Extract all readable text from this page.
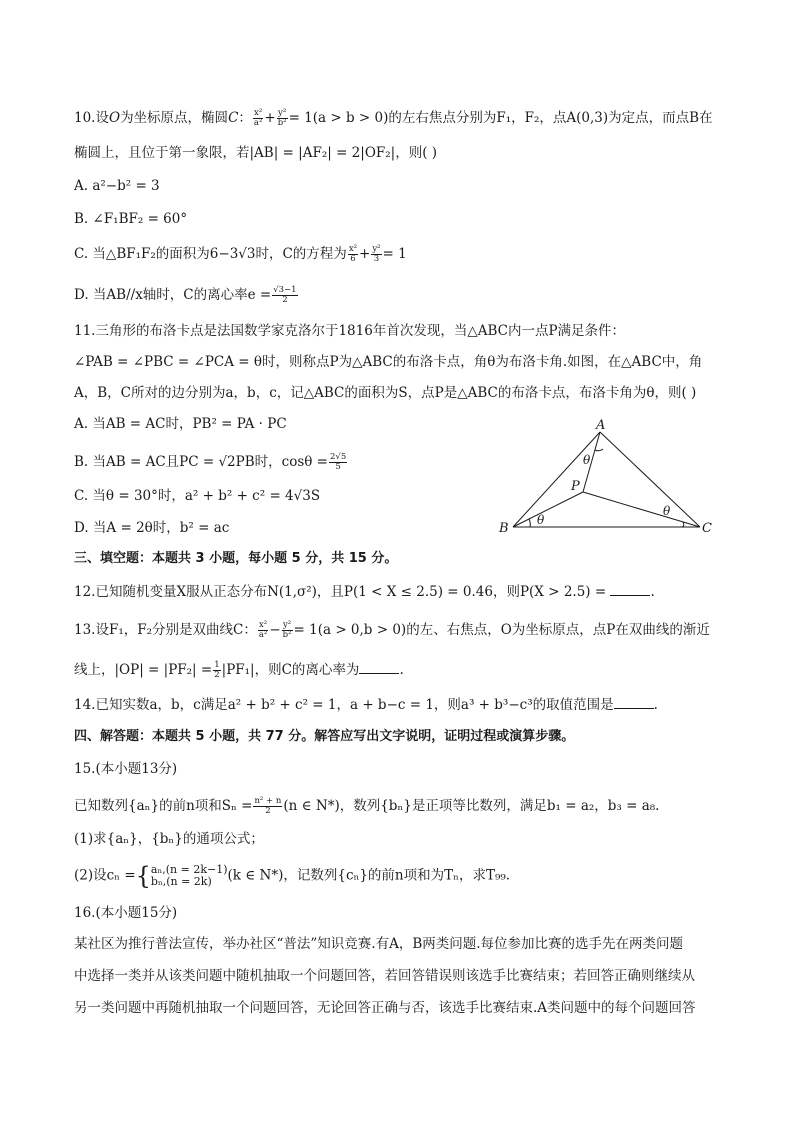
10.设O为坐标原点，椭圆C： $\frac{\text{x²}}{\text{a²}} + \frac{\text{y²}}{\text{b²}} = 1(a > b > 0)$的左右焦点分别为F₁，F₂，点A(0,3)为定点，而点B在
椭圆上，且位于第一象限，若|AB| = |AF₂| = 2|OF₂|，则( )
A. a²−b² = 3
B. ∠F₁BF₂ = 60°
C. 当△BF₁F₂的面积为6−3√3时，C的方程为 $\frac{\text{x²}}{6} + \frac{\text{y²}}{3} = 1$
D. 当AB//x轴时，C的离心率$e = \frac{√3-1}{2}$
11.三角形的布洛卡点是法国数学家克洛尔于1816年首次发现，当△ABC内一点P满足条件：
∠PAB = ∠PBC = ∠PCA = θ时，则称点P为△ABC的布洛卡点，角θ为布洛卡角.如图，在△ABC中，角
A，B，C所对的边分别为a，b，c，记△ABC的面积为S，点P是△ABC的布洛卡点，布洛卡角为θ，则( )
A. 当AB = AC时，PB² = PA · PC
B. 当AB = AC且PC = √2PB时，$\cos\theta = \frac{2√5}{5}$
C. 当θ = 30°时，a² + b² + c² = 4√3S
D. 当A = 2θ时，b² = ac
A
B	C
P
θ
θ
θ
三、填空题：本题共 3 小题，每小题 5 分，共 15 分。
12.已知随机变量X服从正态分布N(1,σ²)，且P(1 < X ≤ 2.5) = 0.46，则P(X > 2.5) =	.
13.设F₁，F₂分别是双曲线C： $\frac{\text{x²}}{\text{a²}} - \frac{\text{y²}}{\text{b²}} = 1(a > 0,b > 0)$的左、右焦点，O为坐标原点，点P在双曲线的渐近
线上，$|OP| = |PF_2| = \frac{1}{2} |PF_1|$，则C的离心率为	.
14.已知实数a，b，c满足a² + b² + c² = 1，a + b−c = 1，则a³ + b³−c³的取值范围是	.
四、解答题：本题共 5 小题，共 77 分。解答应写出文字说明，证明过程或演算步骤。
15.(本小题13分)
已知数列{aₙ}的前n项和$S_n = \frac{\text{n² + n}}{2} (n$ ∈ N*)，数列{bₙ}是正项等比数列，满足b₁ = a₂，b₃ = a₈.
(1)求{aₙ}，{bₙ}的通项公式；
(2)设cₙ ={ aₙ,(n = 2k−1)
bₙ,(n = 2k)	(k ∈ N*)，记数列{cₙ}的前n项和为Tₙ，求T₉₉.
16.(本小题15分)
某社区为推行普法宣传，举办社区“普法”知识竞赛.有A，B两类问题.每位参加比赛的选手先在两类问题
中选择一类并从该类问题中随机抽取一个问题回答，若回答错误则该选手比赛结束；若回答正确则继续从
另一类问题中再随机抽取一个问题回答，无论回答正确与否，该选手比赛结束.A类问题中的每个问题回答
